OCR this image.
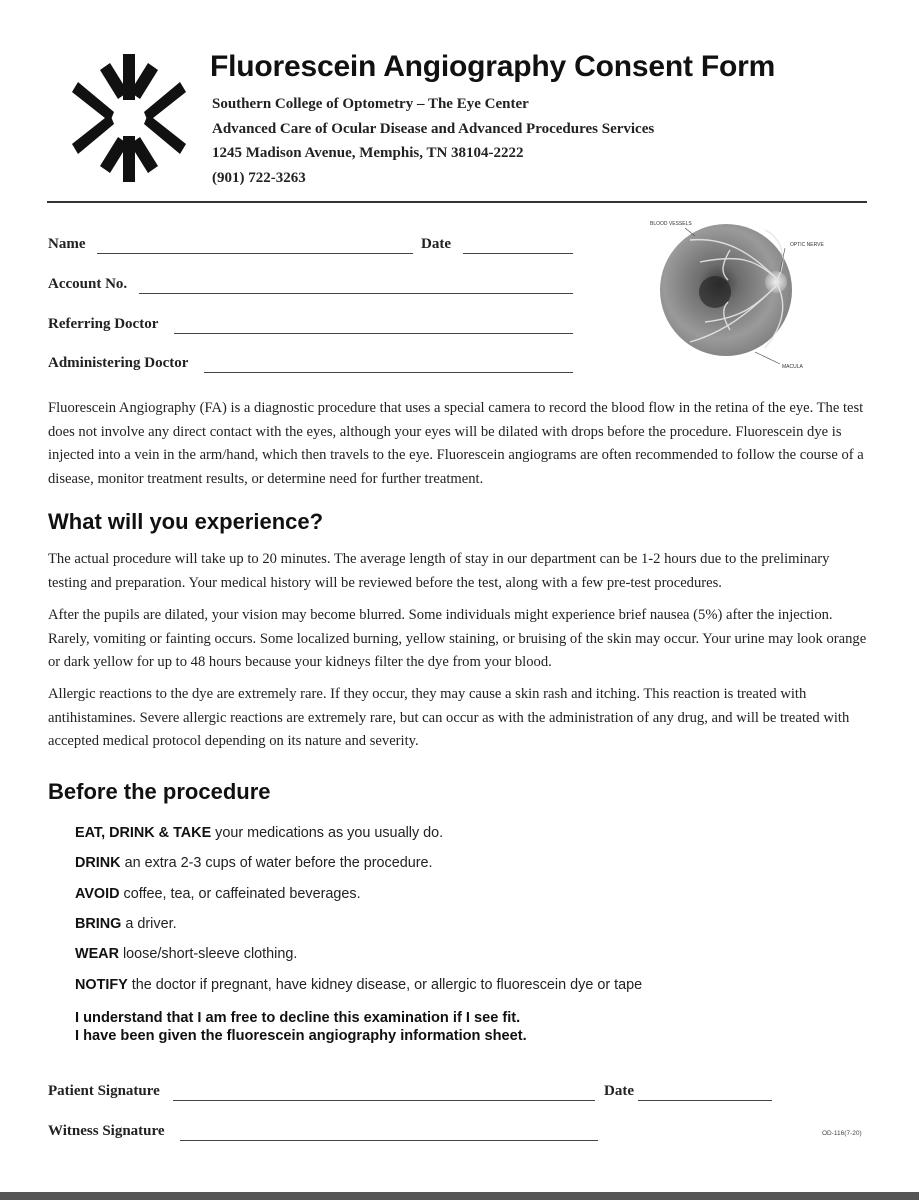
Fluorescein Angiography Consent Form
Southern College of Optometry – The Eye Center
Advanced Care of Ocular Disease and Advanced Procedures Services
1245 Madison Avenue, Memphis, TN 38104-2222
(901) 722-3263
Name	Date
Account No.
Referring Doctor
Administering Doctor
BLOOD VESSELS
OPTIC NERVE
MACULA
Fluorescein Angiography (FA) is a diagnostic procedure that uses a special camera to record the blood flow in the retina of the eye. The test does not involve any direct contact with the eyes, although your eyes will be dilated with drops before the procedure. Fluorescein dye is injected into a vein in the arm/hand, which then travels to the eye. Fluorescein angiograms are often recommended to follow the course of a disease, monitor treatment results, or determine need for further treatment.
What will you experience?
The actual procedure will take up to 20 minutes. The average length of stay in our department can be 1-2 hours due to the preliminary testing and preparation. Your medical history will be reviewed before the test, along with a few pre-test procedures.
After the pupils are dilated, your vision may become blurred. Some individuals might experience brief nausea (5%) after the injection. Rarely, vomiting or fainting occurs. Some localized burning, yellow staining, or bruising of the skin may occur. Your urine may look orange or dark yellow for up to 48 hours because your kidneys filter the dye from your blood.
Allergic reactions to the dye are extremely rare. If they occur, they may cause a skin rash and itching. This reaction is treated with antihistamines. Severe allergic reactions are extremely rare, but can occur as with the administration of any drug, and will be treated with accepted medical protocol depending on its nature and severity.
Before the procedure
EAT, DRINK & TAKE your medications as you usually do.
DRINK an extra 2-3 cups of water before the procedure.
AVOID coffee, tea, or caffeinated beverages.
BRING a driver.
WEAR loose/short-sleeve clothing.
NOTIFY the doctor if pregnant, have kidney disease, or allergic to fluorescein dye or tape
I understand that I am free to decline this examination if I see fit.
I have been given the fluorescein angiography information sheet.
Patient Signature	Date
Witness Signature	OD-116(7-20)
